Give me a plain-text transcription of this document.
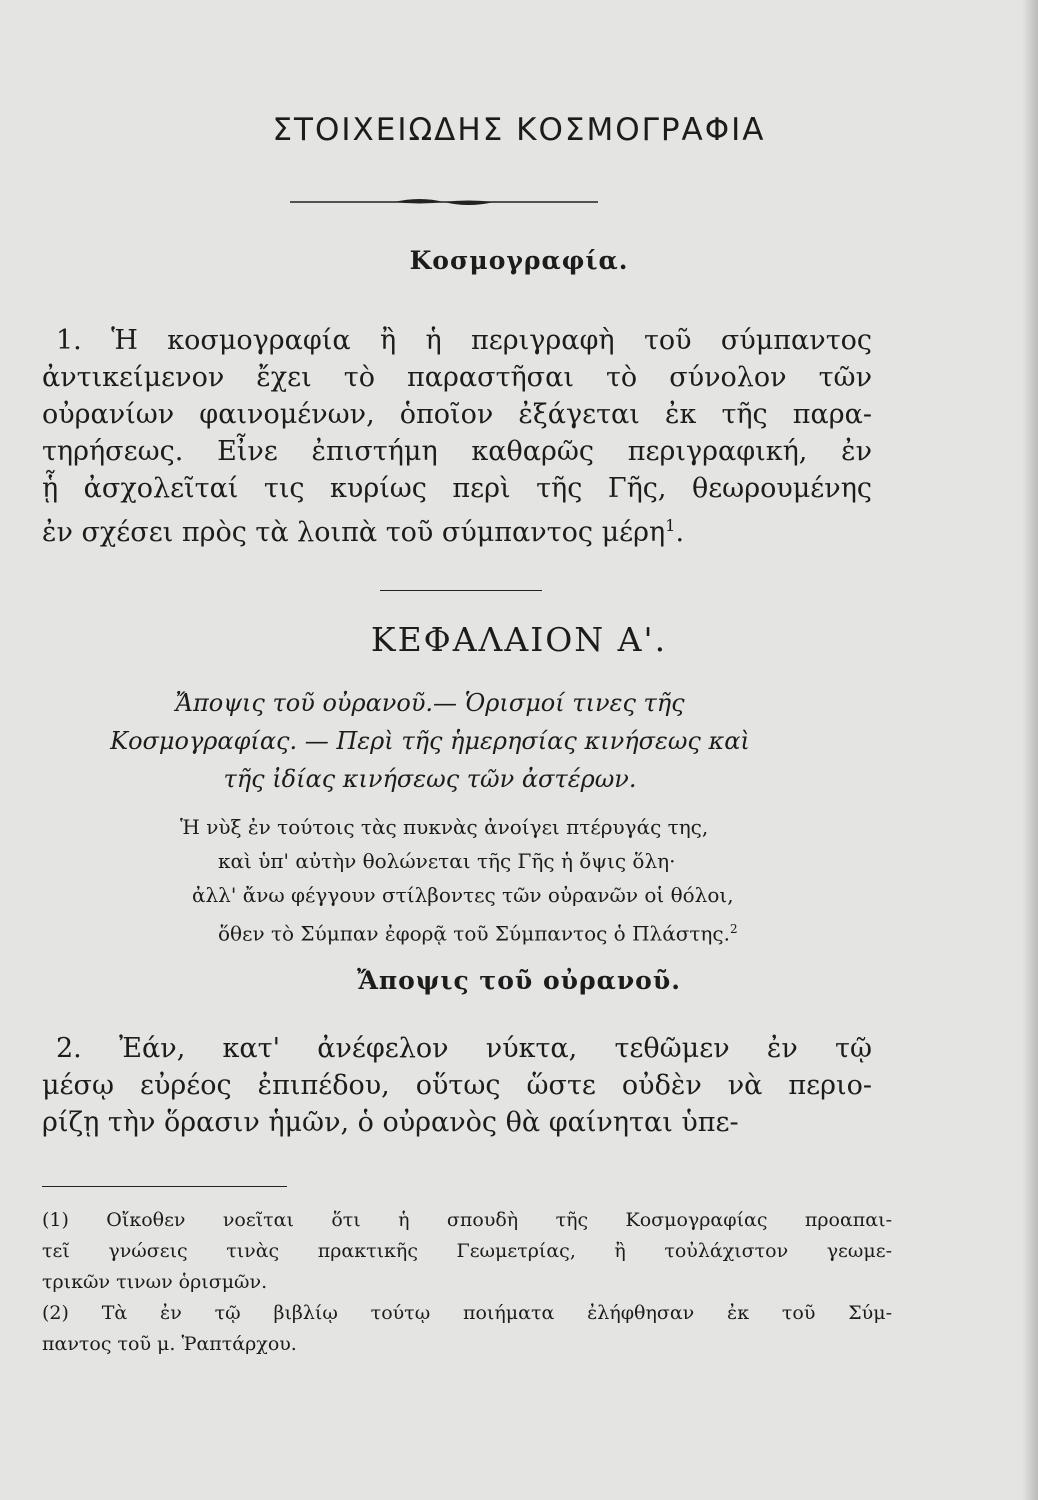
ΣΤΟΙΧΕΙΩΔΗΣ ΚΟΣΜΟΓΡΑΦΙΑ
Κοσμογραφία.
1. Ἡ κοσμογραφία ἢ ἡ περιγραφὴ τοῦ σύμπαντος
ἀντικείμενον ἔχει τὸ παραστῆσαι τὸ σύνολον τῶν
οὐρανίων φαινομένων, ὁποῖον ἐξάγεται ἐκ τῆς παρα-
τηρήσεως. Εἶνε ἐπιστήμη καθαρῶς περιγραφική, ἐν
ᾗ ἀσχολεῖταί τις κυρίως περὶ τῆς Γῆς, θεωρουμένης
ἐν σχέσει πρὸς τὰ λοιπὰ τοῦ σύμπαντος μέρη$^1$.
ΚΕΦΑΛΑΙΟΝ Α'.
Ἄποψις τοῦ οὐρανοῦ.— Ὁρισμοί τινες τῆς
Κοσμογραφίας. — Περὶ τῆς ἡμερησίας κινήσεως καὶ
τῆς ἰδίας κινήσεως τῶν ἀστέρων.
Ἡ νὺξ ἐν τούτοις τὰς πυκνὰς ἀνοίγει πτέρυγάς της,
καὶ ὑπ' αὐτὴν θολώνεται τῆς Γῆς ἡ ὄψις ὅλη·
ἀλλ' ἄνω φέγγουν στίλβοντες τῶν οὐρανῶν οἱ θόλοι,
ὅθεν τὸ Σύμπαν ἐφορᾷ τοῦ Σύμπαντος ὁ Πλάστης.$^2$
Ἄποψις τοῦ οὐρανοῦ.
2. Ἐάν, κατ' ἀνέφελον νύκτα, τεθῶμεν ἐν τῷ
μέσῳ εὐρέος ἐπιπέδου, οὕτως ὥστε οὐδὲν νὰ περιο-
ρίζῃ τὴν ὅρασιν ἡμῶν, ὁ οὐρανὸς θὰ φαίνηται ὑπε-
(1) Οἴκοθεν νοεῖται ὅτι ἡ σπουδὴ τῆς Κοσμογραφίας προαπαι-
τεῖ γνώσεις τινὰς πρακτικῆς Γεωμετρίας, ἢ τοὐλάχιστον γεωμε-
τρικῶν τινων ὁρισμῶν.
(2) Τὰ ἐν τῷ βιβλίῳ τούτῳ ποιήματα ἐλήφθησαν ἐκ τοῦ Σύμ-
παντος τοῦ μ. Ῥαπτάρχου.
